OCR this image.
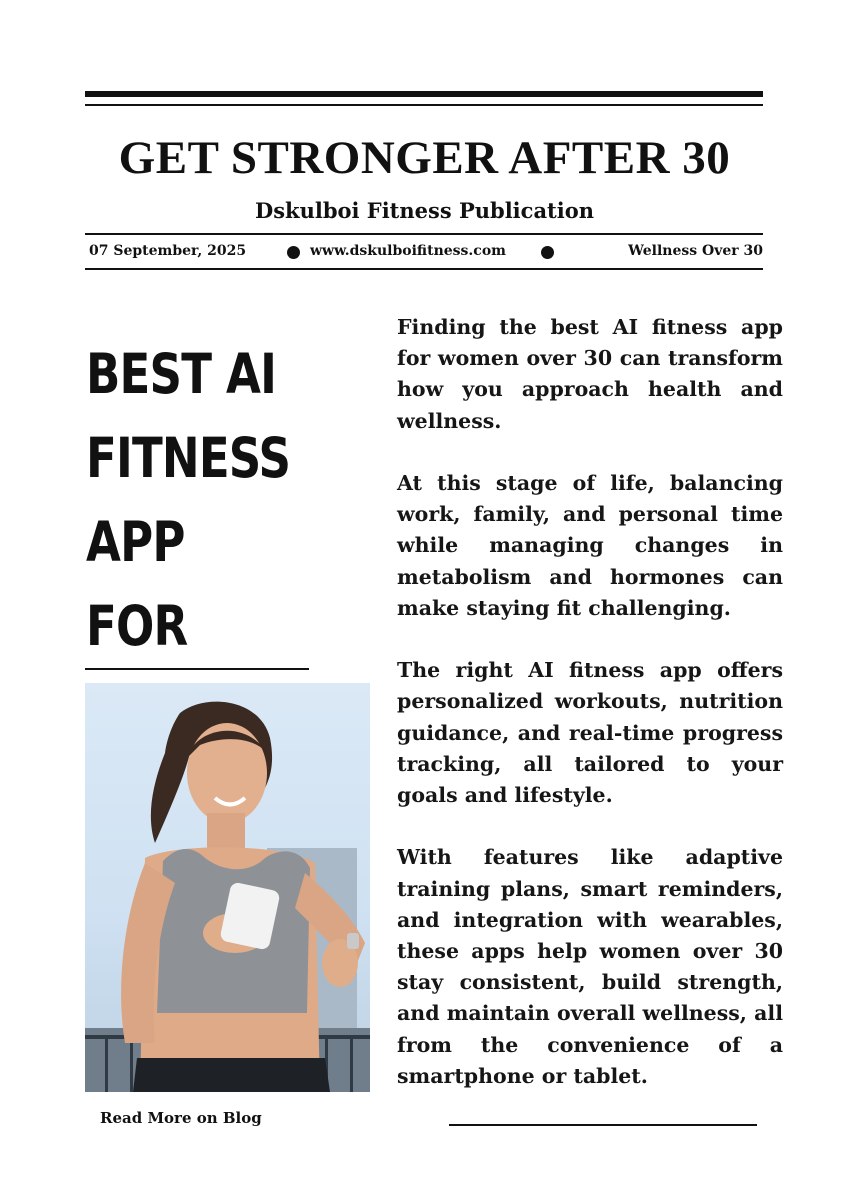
GET STRONGER AFTER 30
Dskulboi Fitness Publication
07 September, 2025	www.dskulboifitness.com	Wellness Over 30
BEST AI
FITNESS APP
FOR

Read More on Blog

Finding the best AI fitness app for women over 30 can transform how you approach health and wellness.

At this stage of life, balancing work, family, and personal time while managing changes in metabolism and hormones can make staying fit challenging.

The right AI fitness app offers personalized workouts, nutrition guidance, and real-time progress tracking, all tailored to your goals and lifestyle.

With features like adaptive training plans, smart reminders, and integration with wearables, these apps help women over 30 stay consistent, build strength, and maintain overall wellness, all from the convenience of a smartphone or tablet.
